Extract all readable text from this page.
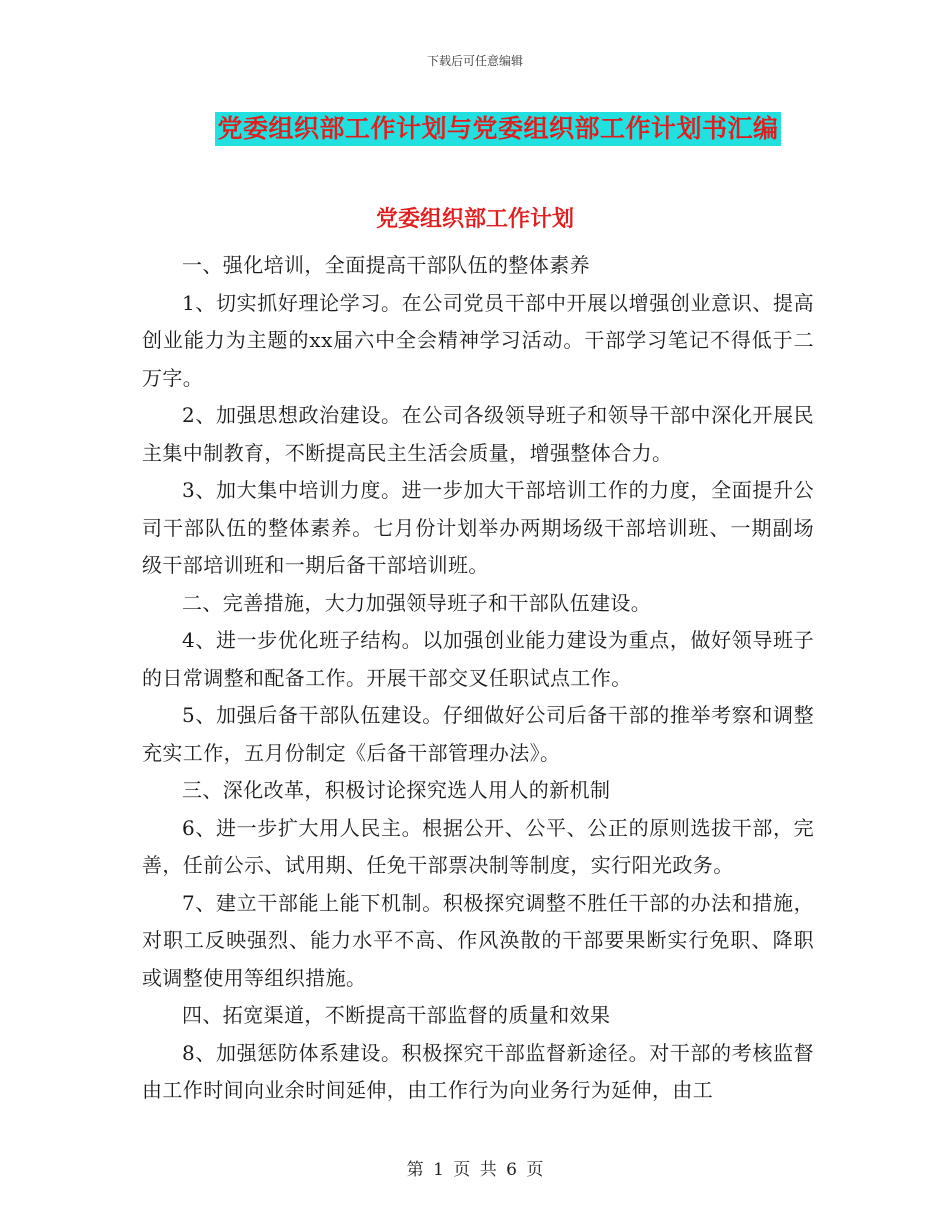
下载后可任意编辑
党委组织部工作计划与党委组织部工作计划书汇编
党委组织部工作计划

一、强化培训，全面提高干部队伍的整体素养

1、切实抓好理论学习。在公司党员干部中开展以增强创业意识、提高创业能力为主题的xx届六中全会精神学习活动。干部学习笔记不得低于二万字。

2、加强思想政治建设。在公司各级领导班子和领导干部中深化开展民主集中制教育，不断提高民主生活会质量，增强整体合力。

3、加大集中培训力度。进一步加大干部培训工作的力度，全面提升公司干部队伍的整体素养。七月份计划举办两期场级干部培训班、一期副场级干部培训班和一期后备干部培训班。

二、完善措施，大力加强领导班子和干部队伍建设。

4、进一步优化班子结构。以加强创业能力建设为重点，做好领导班子的日常调整和配备工作。开展干部交叉任职试点工作。

5、加强后备干部队伍建设。仔细做好公司后备干部的推举考察和调整充实工作，五月份制定《后备干部管理办法》。

三、深化改革，积极讨论探究选人用人的新机制

6、进一步扩大用人民主。根据公开、公平、公正的原则选拔干部，完善，任前公示、试用期、任免干部票决制等制度，实行阳光政务。

7、建立干部能上能下机制。积极探究调整不胜任干部的办法和措施，对职工反映强烈、能力水平不高、作风涣散的干部要果断实行免职、降职或调整使用等组织措施。

四、拓宽渠道，不断提高干部监督的质量和效果

8、加强惩防体系建设。积极探究干部监督新途径。对干部的考核监督由工作时间向业余时间延伸，由工作行为向业务行为延伸，由工

第 1 页 共 6 页
